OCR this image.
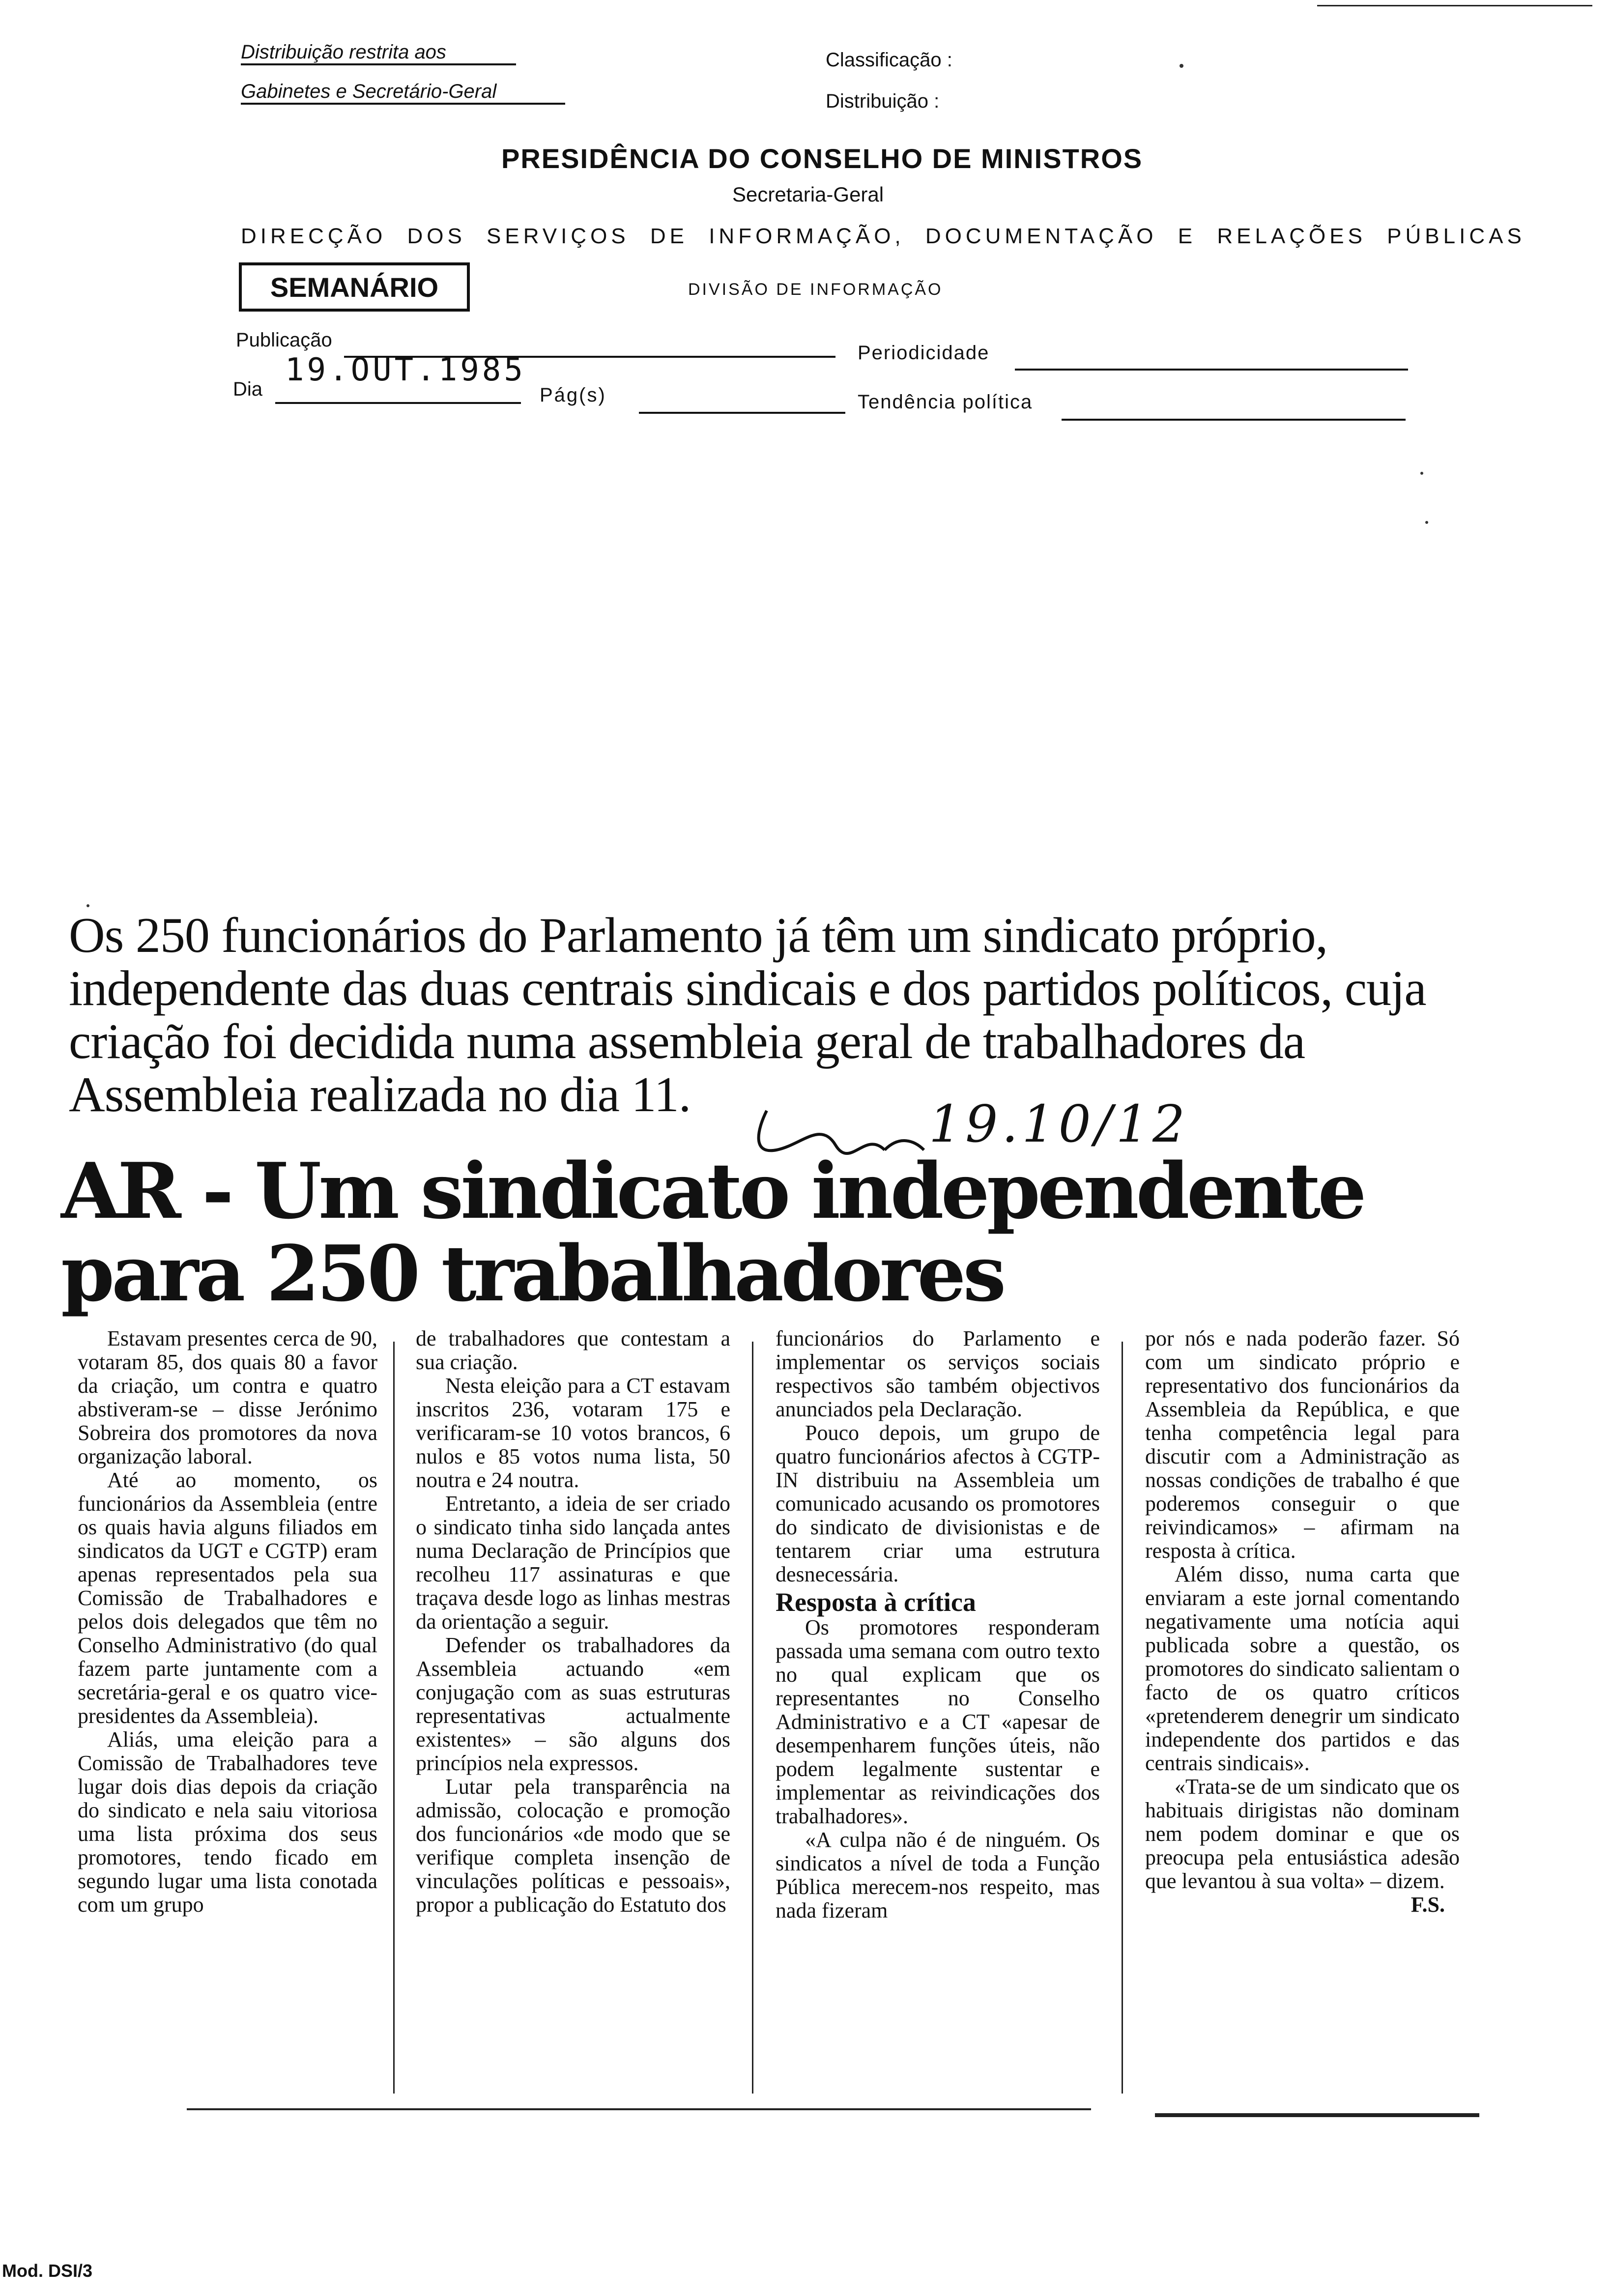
Distribuição restrita aos
Gabinetes e Secretário-Geral
Classificação :
Distribuição :
PRESIDÊNCIA DO CONSELHO DE MINISTROS
Secretaria-Geral
DIRECÇÃO DOS SERVIÇOS DE INFORMAÇÃO, DOCUMENTAÇÃO E RELAÇÕES PÚBLICAS
SEMANÁRIO	DIVISÃO DE INFORMAÇÃO
Publicação
19.OUT.1985	Periodicidade
Dia	Pág(s)	Tendência política
Os 250 funcionários do Parlamento já têm um sindicato próprio, independente das duas centrais sindicais e dos partidos políticos, cuja criação foi decidida numa assembleia geral de trabalhadores da Assembleia realizada no dia 11.	19.10/12
AR - Um sindicato independente
para 250 trabalhadores

Estavam presentes cerca de 90, votaram 85, dos quais 80 a favor da criação, um contra e quatro abstiveram-se – disse Jerónimo Sobreira dos promotores da nova organização laboral.

Até ao momento, os funcionários da Assembleia (entre os quais havia alguns filiados em sindicatos da UGT e CGTP) eram apenas representados pela sua Comissão de Trabalhadores e pelos dois delegados que têm no Conselho Administrativo (do qual fazem parte juntamente com a secretária-geral e os quatro vice-presidentes da Assembleia).

Aliás, uma eleição para a Comissão de Trabalhadores teve lugar dois dias depois da criação do sindicato e nela saiu vitoriosa uma lista próxima dos seus promotores, tendo ficado em segundo lugar uma lista conotada com um grupo

de trabalhadores que contestam a sua criação.

Nesta eleição para a CT estavam inscritos 236, votaram 175 e verificaram-se 10 votos brancos, 6 nulos e 85 votos numa lista, 50 noutra e 24 noutra.

Entretanto, a ideia de ser criado o sindicato tinha sido lançada antes numa Declaração de Princípios que recolheu 117 assinaturas e que traçava desde logo as linhas mestras da orientação a seguir.

Defender os trabalhadores da Assembleia actuando «em conjugação com as suas estruturas representativas actualmente existentes» – são alguns dos princípios nela expressos.

Lutar pela transparência na admissão, colocação e promoção dos funcionários «de modo que se verifique completa insenção de vinculações políticas e pessoais», propor a publicação do Estatuto dos

funcionários do Parlamento e implementar os serviços sociais respectivos são também objectivos anunciados pela Declaração.

Pouco depois, um grupo de quatro funcionários afectos à CGTP-IN distribuiu na Assembleia um comunicado acusando os promotores do sindicato de divisionistas e de tentarem criar uma estrutura desnecessária.

Resposta à crítica

Os promotores responderam passada uma semana com outro texto no qual explicam que os representantes no Conselho Administrativo e a CT «apesar de desempenharem funções úteis, não podem legalmente sustentar e implementar as reivindicações dos trabalhadores».

«A culpa não é de ninguém. Os sindicatos a nível de toda a Função Pública merecem-nos respeito, mas nada fizeram

por nós e nada poderão fazer. Só com um sindicato próprio e representativo dos funcionários da Assembleia da República, e que tenha competência legal para discutir com a Administração as nossas condições de trabalho é que poderemos conseguir o que reivindicamos» – afirmam na resposta à crítica.

Além disso, numa carta que enviaram a este jornal comentando negativamente uma notícia aqui publicada sobre a questão, os promotores do sindicato salientam o facto de os quatro críticos «pretenderem denegrir um sindicato independente dos partidos e das centrais sindicais».

«Trata-se de um sindicato que os habituais dirigistas não dominam nem podem dominar e que os preocupa pela entusiástica adesão que levantou à sua volta» – dizem.

F.S.
Mod. DSI/3
